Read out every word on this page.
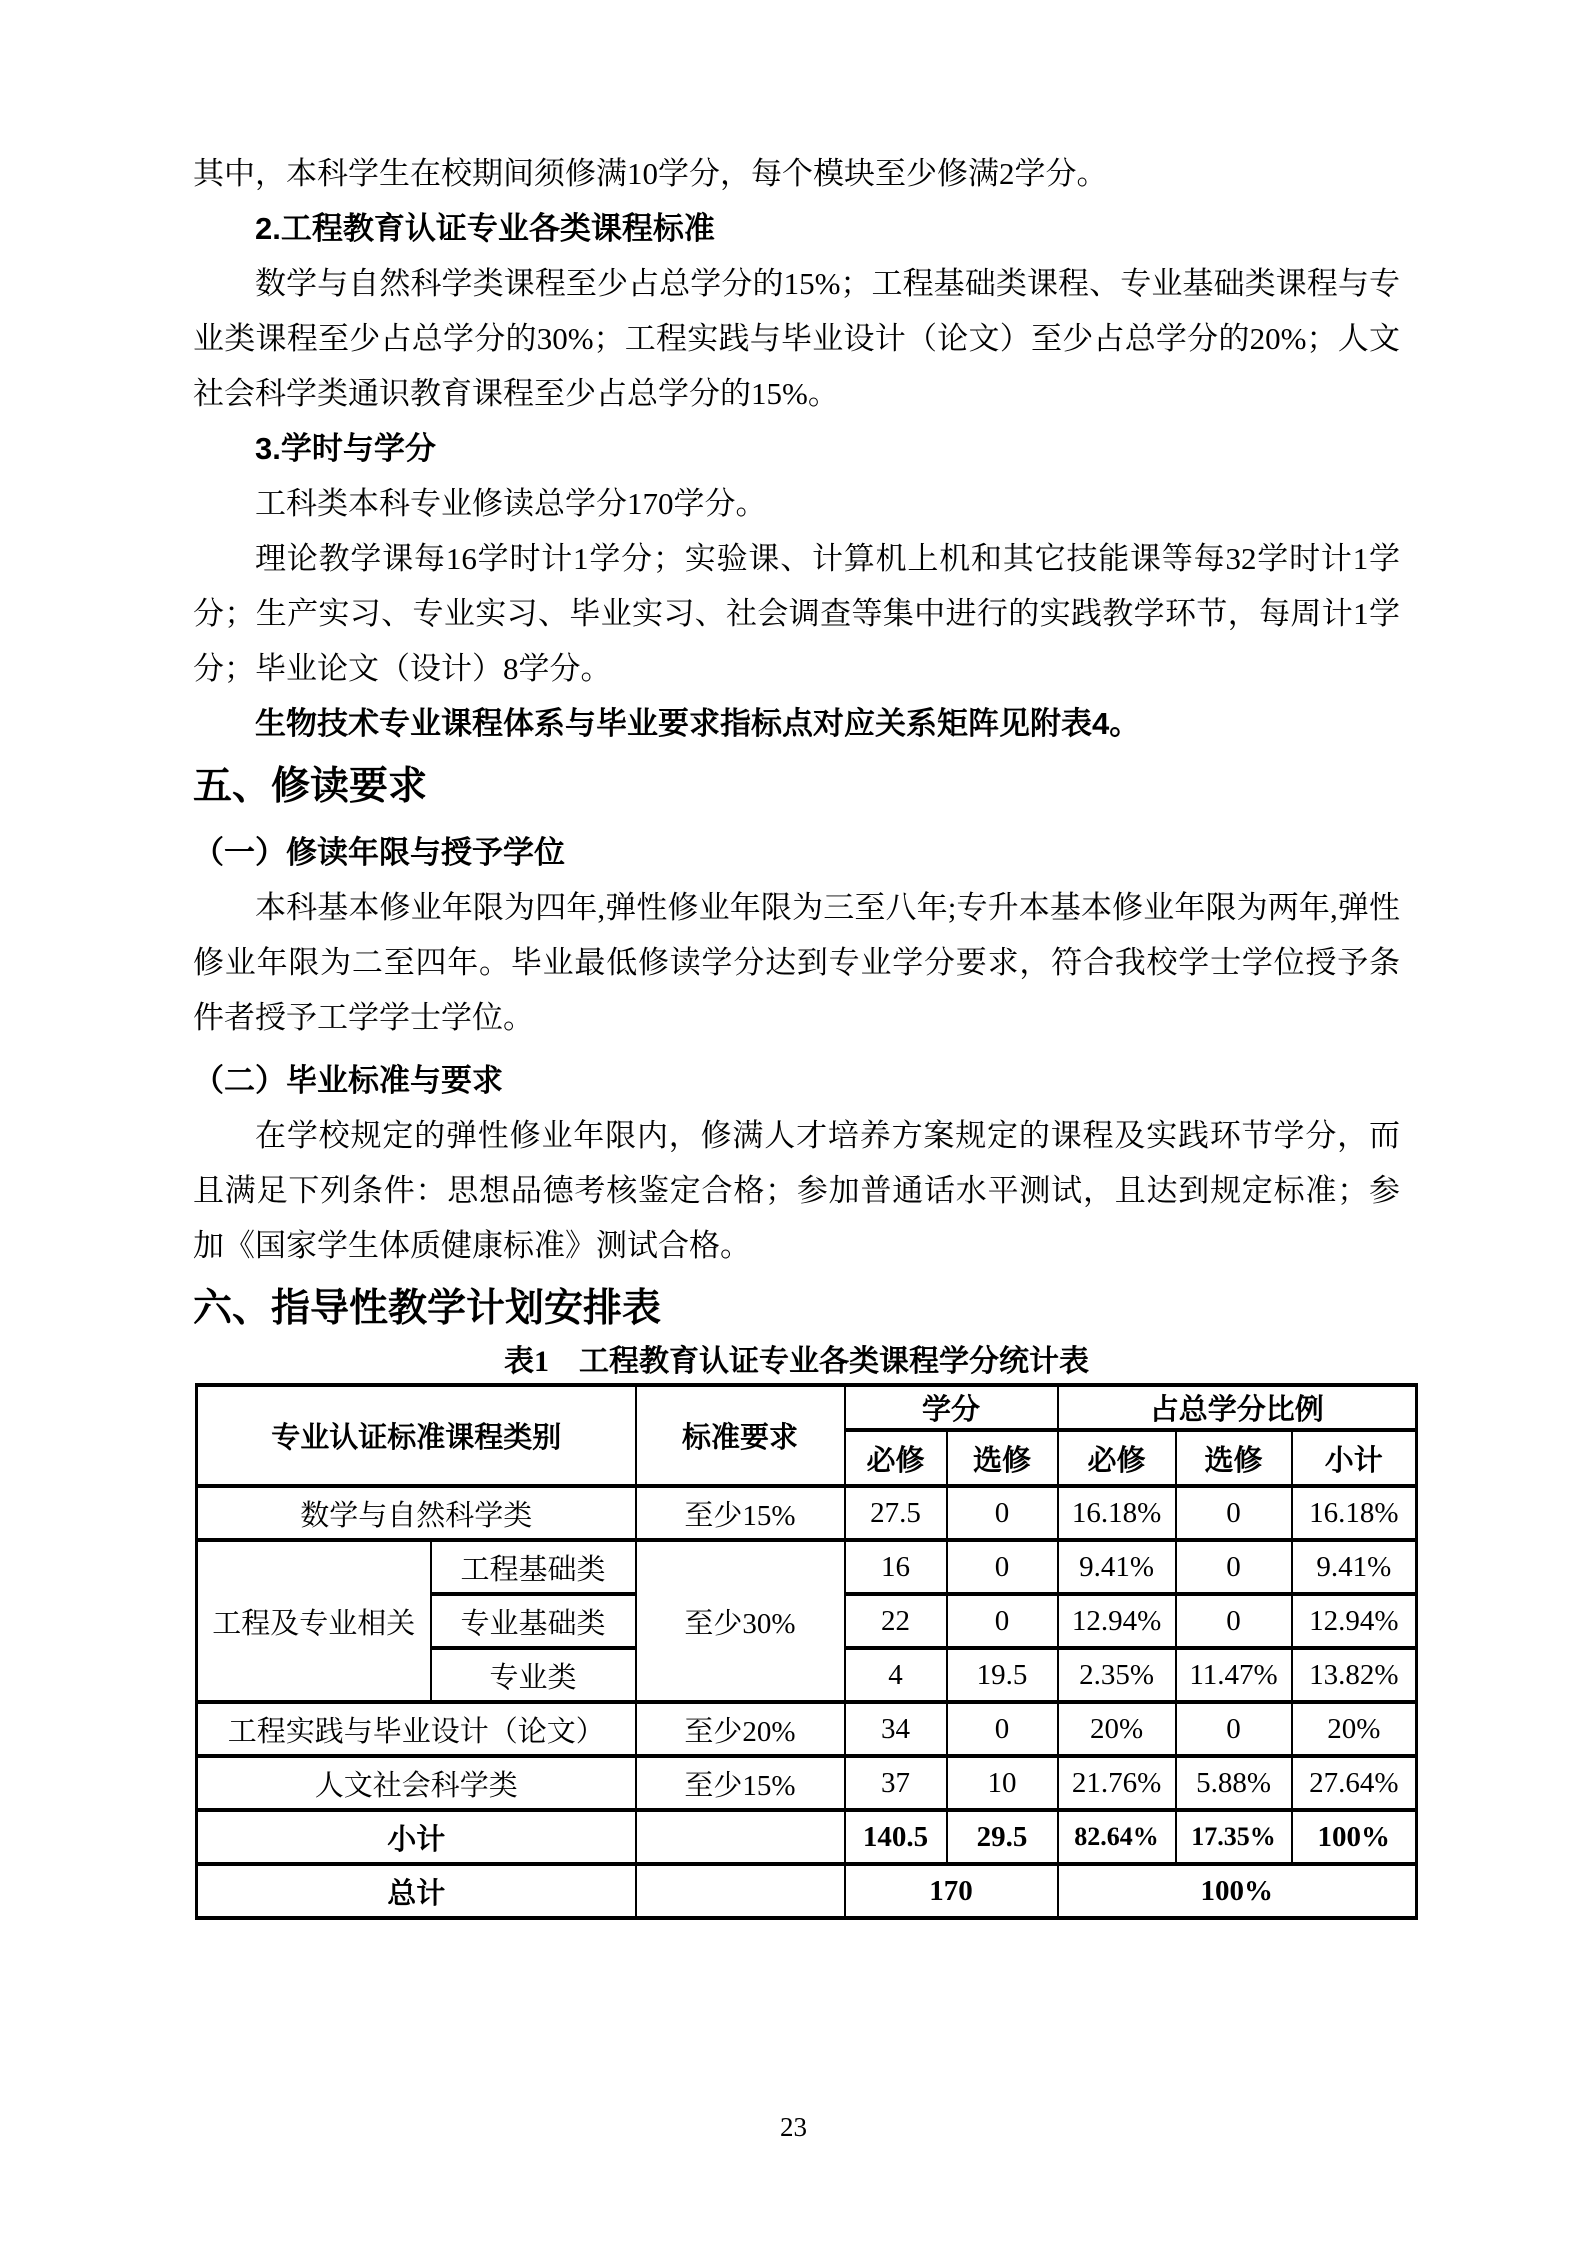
其中，本科学生在校期间须修满10学分，每个模块至少修满2学分。

2.工程教育认证专业各类课程标准

数学与自然科学类课程至少占总学分的15%；工程基础类课程、专业基础类课程与专业类课程至少占总学分的30%；工程实践与毕业设计（论文）至少占总学分的20%；人文社会科学类通识教育课程至少占总学分的15%。

3.学时与学分

工科类本科专业修读总学分170学分。

理论教学课每16学时计1学分；实验课、计算机上机和其它技能课等每32学时计1学分；生产实习、专业实习、毕业实习、社会调查等集中进行的实践教学环节，每周计1学分；毕业论文（设计）8学分。

生物技术专业课程体系与毕业要求指标点对应关系矩阵见附表4。

五、修读要求

（一）修读年限与授予学位

本科基本修业年限为四年,弹性修业年限为三至八年;专升本基本修业年限为两年,弹性修业年限为二至四年。毕业最低修读学分达到专业学分要求，符合我校学士学位授予条件者授予工学学士学位。

（二）毕业标准与要求

在学校规定的弹性修业年限内，修满人才培养方案规定的课程及实践环节学分，而且满足下列条件：思想品德考核鉴定合格；参加普通话水平测试，且达到规定标准；参加《国家学生体质健康标准》测试合格。

六、指导性教学计划安排表

表1　工程教育认证专业各类课程学分统计表

专业认证标准课程类别		标准要求	学分		占总学分比例		
			必修	选修	必修	选修	小计
数学与自然科学类		至少15%	27.5	0	16.18%	0	16.18%
工程及专业相关	工程基础类	至少30%	16	0	9.41%	0	9.41%
	专业基础类		22	0	12.94%	0	12.94%
	专业类		4	19.5	2.35%	11.47%	13.82%
工程实践与毕业设计（论文）		至少20%	34	0	20%	0	20%
人文社会科学类		至少15%	37	10	21.76%	5.88%	27.64%
小计			140.5	29.5	82.64%	17.35%	100%
总计			170		100%		
23
